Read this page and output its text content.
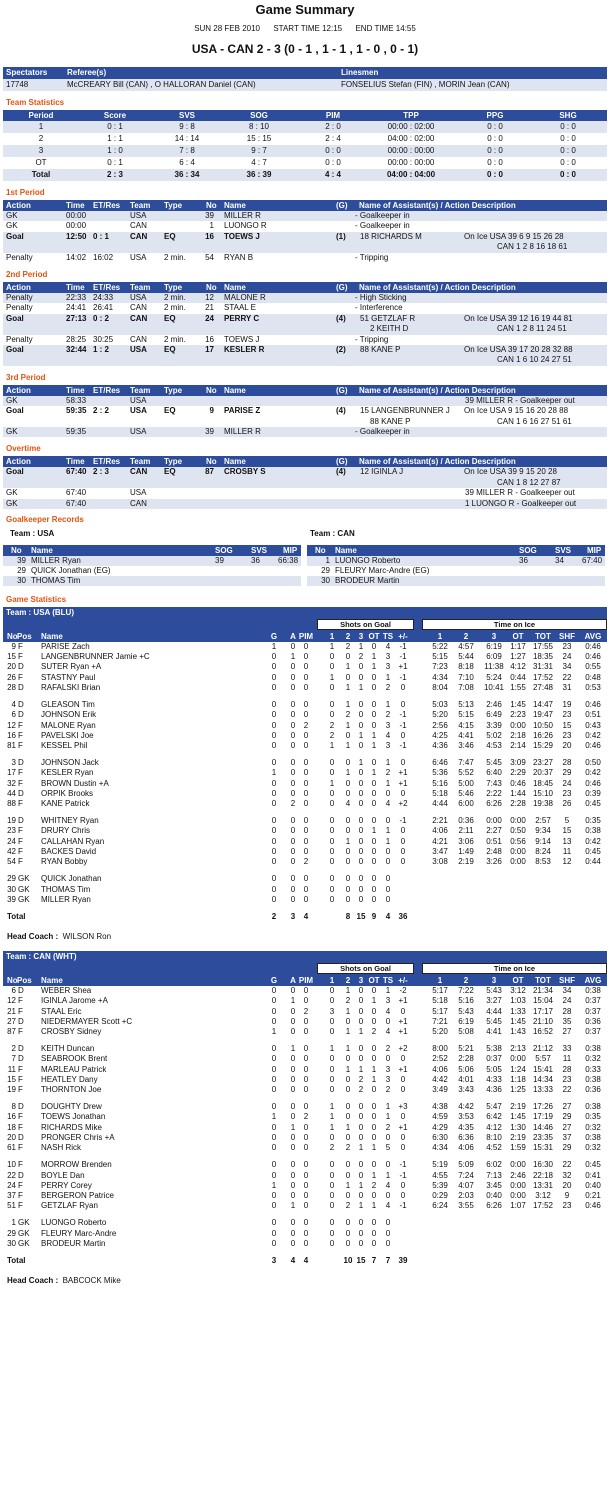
Game Summary
SUN 28 FEB 2010 START TIME 12:15 END TIME 14:55
USA - CAN 2 - 3 (0 - 1 , 1 - 1 , 1 - 0 , 0 - 1)
Spectators Referee(s)	Linesmen
17748	McCREARY Bill (CAN) , O HALLORAN Daniel (CAN)	FONSELIUS Stefan (FIN) , MORIN Jean (CAN)
Team Statistics
Period	Score	SVS	SOG	PIM	TPP	PPG	SHG
1	0 : 1	9 : 8	8 : 10	2 : 0	00:00 : 02:00	0 : 0	0 : 0
2	1 : 1	14 : 14	15 : 15	2 : 4	04:00 : 02:00	0 : 0	0 : 0
3	1 : 0	7 : 8	9 : 7	0 : 0	00:00 : 00:00	0 : 0	0 : 0
OT	0 : 1	6 : 4	4 : 7	0 : 0	00:00 : 00:00	0 : 0	0 : 0
Total	2 : 3	36 : 34	36 : 39	4 : 4	04:00 : 04:00	0 : 0	0 : 0
1st Period
Action	Time ET/Res Team Type	No Name	(G) Name of Assistant(s) / Action Description
GK	00:00	USA	39 MILLER R	- Goalkeeper in
GK	00:00	CAN	1 LUONGO R	- Goalkeeper in
Goal	12:50 0 : 1	CAN EQ	16 TOEWS J	(1) 18 RICHARDS M	On Ice USA 39 6 9 15 26 28
CAN 1 2 8 16 18 61
Penalty	14:02 16:02 USA 2 min.	54 RYAN B	- Tripping
2nd Period
Action	Time ET/Res Team Type	No Name	(G) Name of Assistant(s) / Action Description
Penalty	22:33 24:33 USA 2 min.	12 MALONE R	- High Sticking
Penalty	24:41 26:41 CAN 2 min.	21 STAAL E	- Interference
Goal	27:13 0 : 2	CAN EQ	24 PERRY C	(4) 51 GETZLAF R
2 KEITH D
On Ice USA 39 12 16 19 44 81
CAN 1 2 8 11 24 51
Penalty	28:25 30:25 CAN 2 min.	16 TOEWS J	- Tripping
Goal	32:44 1 : 2	USA EQ	17 KESLER R	(2) 88 KANE P	On Ice USA 39 17 20 28 32 88
CAN 1 6 10 24 27 51
3rd Period
Action	Time ET/Res Team Type	No Name	(G) Name of Assistant(s) / Action Description
GK	58:33	USA	39 MILLER R - Goalkeeper out
Goal	59:35 2 : 2	USA EQ	9 PARISE Z	(4) 15 LANGENBRUNNER J
88 KANE P
On Ice USA 9 15 16 20 28 88
CAN 1 6 16 27 51 61
GK	59:35	USA	39 MILLER R	- Goalkeeper in
Overtime
Action	Time ET/Res Team Type	No Name	(G) Name of Assistant(s) / Action Description
Goal	67:40 2 : 3	CAN EQ	87 CROSBY S	(4) 12 IGINLA J	On Ice USA 39 9 15 20 28
CAN 1 8 12 27 87
GK	67:40	USA	39 MILLER R - Goalkeeper out
GK	67:40	CAN	1 LUONGO R - Goalkeeper out
Goalkeeper Records
Team : USA	Team : CAN
No Name	SOG SVS MIP
39 MILLER Ryan	39	36 66:38
29 QUICK Jonathan (EG)
30 THOMAS Tim
No Name	SOG SVS MIP
1 LUONGO Roberto	36	34 67:40
29 FLEURY Marc-Andre (EG)
30 BRODEUR Martin
Game Statistics
Team : USA (BLU)
Shots on Goal	Time on Ice
No Pos Name	G	A PIM	1	2	3 OT TS +/-	1	2	3	OT	TOT SHF AVG
9 F PARISE Zach	1	0	0	1	2	1	0	4	-1	5:22	4:57	6:19	1:17 17:55	23	0:46
15 F LANGENBRUNNER Jamie +C	0	1	0	0	0	2	1	3	-1	5:15	5:44	6:09	1:27 18:35	24	0:46
20 D SUTER Ryan +A	0	0	0	0	1	0	1	3	+1	7:23	8:18	11:38 4:12 31:31	34	0:55
26 F STASTNY Paul	0	0	0	1	0	0	0	1	-1	4:34	7:10	5:24	0:44 17:52	22	0:48
28 D RAFALSKI Brian	0	0	0	0	1	1	0	2	0	8:04	7:08	10:41 1:55 27:48	31	0:53
4 D GLEASON Tim	0	0	0	0	1	0	0	1	0	5:03	5:13	2:46	1:45 14:47	19	0:46
6 D JOHNSON Erik	0	0	0	0	2	0	0	2	-1	5:20	5:15	6:49	2:23 19:47	23	0:51
12 F MALONE Ryan	0	0	2	2	1	0	0	3	-1	2:56	4:15	3:39	0:00 10:50	15	0:43
16 F PAVELSKI Joe	0	0	0	2	0	1	1	4	0	4:25	4:41	5:02	2:18 16:26	23	0:42
81 F KESSEL Phil	0	0	0	1	1	0	1	3	-1	4:36	3:46	4:53	2:14 15:29	20	0:46
3 D JOHNSON Jack	0	0	0	0	0	1	0	1	0	6:46	7:47	5:45	3:09 23:27	28	0:50
17 F KESLER Ryan	1	0	0	0	1	0	1	2	+1	5:36	5:52	6:40	2:29 20:37	29	0:42
32 F BROWN Dustin +A	0	0	0	1	0	0	0	1	+1	5:16	5:00	7:43	0:46 18:45	24	0:46
44 D ORPIK Brooks	0	0	0	0	0	0	0	0	0	5:18	5:46	2:22	1:44 15:10	23	0:39
88 F KANE Patrick	0	2	0	0	4	0	0	4	+2	4:44	6:00	6:26	2:28 19:38	26	0:45
19 D WHITNEY Ryan	0	0	0	0	0	0	0	0	-1	2:21	0:36	0:00	0:00	2:57	5	0:35
23 F DRURY Chris	0	0	0	0	0	0	1	1	0	4:06	2:11	2:27	0:50	9:34	15	0:38
24 F CALLAHAN Ryan	0	0	0	0	1	0	0	1	0	4:21	3:06	0:51	0:56	9:14	13	0:42
42 F BACKES David	0	0	0	0	0	0	0	0	0	3:47	1:49	2:48	0:00	8:24	11	0:45
54 F RYAN Bobby	0	0	2	0	0	0	0	0	0	3:08	2:19	3:26	0:00	8:53	12	0:44
29 GK QUICK Jonathan	0	0	0	0	0	0	0	0
30 GK THOMAS Tim	0	0	0	0	0	0	0	0
39 GK MILLER Ryan	0	0	0	0	0	0	0	0
Total	2	3	4	8 15 9	4	36
Head Coach : WILSON Ron
Team : CAN (WHT)
Shots on Goal	Time on Ice
No Pos Name	G	A PIM	1	2	3 OT TS +/-	1	2	3	OT	TOT SHF AVG
6 D WEBER Shea	0	0	0	0	1	0	0	1	-2	5:17	7:22	5:43	3:12 21:34	34	0:38
12 F IGINLA Jarome +A	0	1	0	0	2	0	1	3	+1	5:18	5:16	3:27	1:03 15:04	24	0:37
21 F STAAL Eric	0	0	2	3	1	0	0	4	0	5:17	5:43	4:44	1:33 17:17	28	0:37
27 D NIEDERMAYER Scott +C	0	0	0	0	0	0	0	0	+1	7:21	6:19	5:45	1:45 21:10	35	0:36
87 F CROSBY Sidney	1	0	0	0	1	1	2	4	+1	5:20	5:08	4:41	1:43 16:52	27	0:37
2 D KEITH Duncan	0	1	0	1	1	0	0	2	+2	8:00	5:21	5:38	2:13 21:12	33	0:38
7 D SEABROOK Brent	0	0	0	0	0	0	0	0	0	2:52	2:28	0:37	0:00	5:57	11	0:32
11 F MARLEAU Patrick	0	0	0	0	1	1	1	3	+1	4:06	5:06	5:05	1:24 15:41	28	0:33
15 F HEATLEY Dany	0	0	0	0	0	2	1	3	0	4:42	4:01	4:33	1:18 14:34	23	0:38
19 F THORNTON Joe	0	0	0	0	0	2	0	2	0	3:49	3:43	4:36	1:25 13:33	22	0:36
8 D DOUGHTY Drew	0	0	0	1	0	0	0	1	+3	4:38	4:42	5:47	2:19 17:26	27	0:38
16 F TOEWS Jonathan	1	0	2	1	0	0	0	1	0	4:59	3:53	6:42	1:45 17:19	29	0:35
18 F RICHARDS Mike	0	1	0	1	1	0	0	2	+1	4:29	4:35	4:12	1:30 14:46	27	0:32
20 D PRONGER Chris +A	0	0	0	0	0	0	0	0	0	6:30	6:36	8:10	2:19 23:35	37	0:38
61 F NASH Rick	0	0	0	2	2	1	1	5	0	4:34	4:06	4:52	1:59 15:31	29	0:32
10 F MORROW Brenden	0	0	0	0	0	0	0	0	-1	5:19	5:09	6:02	0:00 16:30	22	0:45
22 D BOYLE Dan	0	0	0	0	0	0	1	1	-1	4:55	7:24	7:13	2:46 22:18	32	0:41
24 F PERRY Corey	1	0	0	0	1	1	2	4	0	5:39	4:07	3:45	0:00 13:31	20	0:40
37 F BERGERON Patrice	0	0	0	0	0	0	0	0	0	0:29	2:03	0:40	0:00	3:12	9	0:21
51 F GETZLAF Ryan	0	1	0	0	2	1	1	4	-1	6:24	3:55	6:26	1:07 17:52	23	0:46
1 GK LUONGO Roberto	0	0	0	0	0	0	0	0
29 GK FLEURY Marc-Andre	0	0	0	0	0	0	0	0
30 GK BRODEUR Martin	0	0	0	0	0	0	0	0
Total	3	4	4	10 15 7	7	39
Head Coach : BABCOCK Mike
